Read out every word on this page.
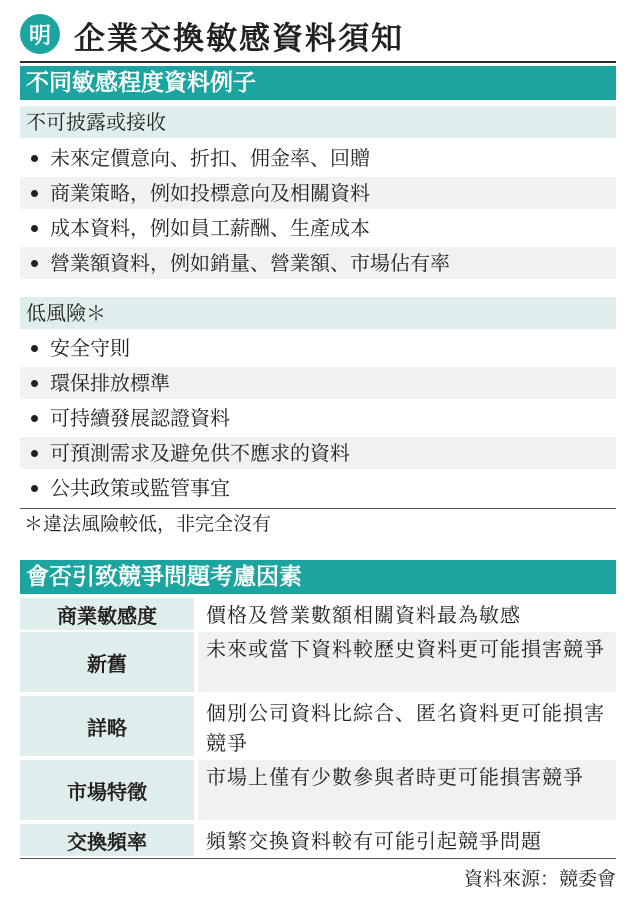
明 企業交換敏感資料須知
不同敏感程度資料例子
不可披露或接收
未來定價意向、折扣、佣金率、回贈
商業策略，例如投標意向及相關資料
成本資料，例如員工薪酬、生產成本
營業額資料，例如銷量、營業額、市場佔有率
低風險＊
安全守則
環保排放標準
可持續發展認證資料
可預測需求及避免供不應求的資料
公共政策或監管事宜
＊違法風險較低，非完全沒有
會否引致競爭問題考慮因素
商業敏感度	價格及營業數額相關資料最為敏感
新舊
未來或當下資料較歷史資料更可能損害競爭
詳略
個別公司資料比綜合、匿名資料更可能損害競爭
市場特徵
市場上僅有少數參與者時更可能損害競爭
交換頻率	頻繁交換資料較有可能引起競爭問題
資料來源：競委會
